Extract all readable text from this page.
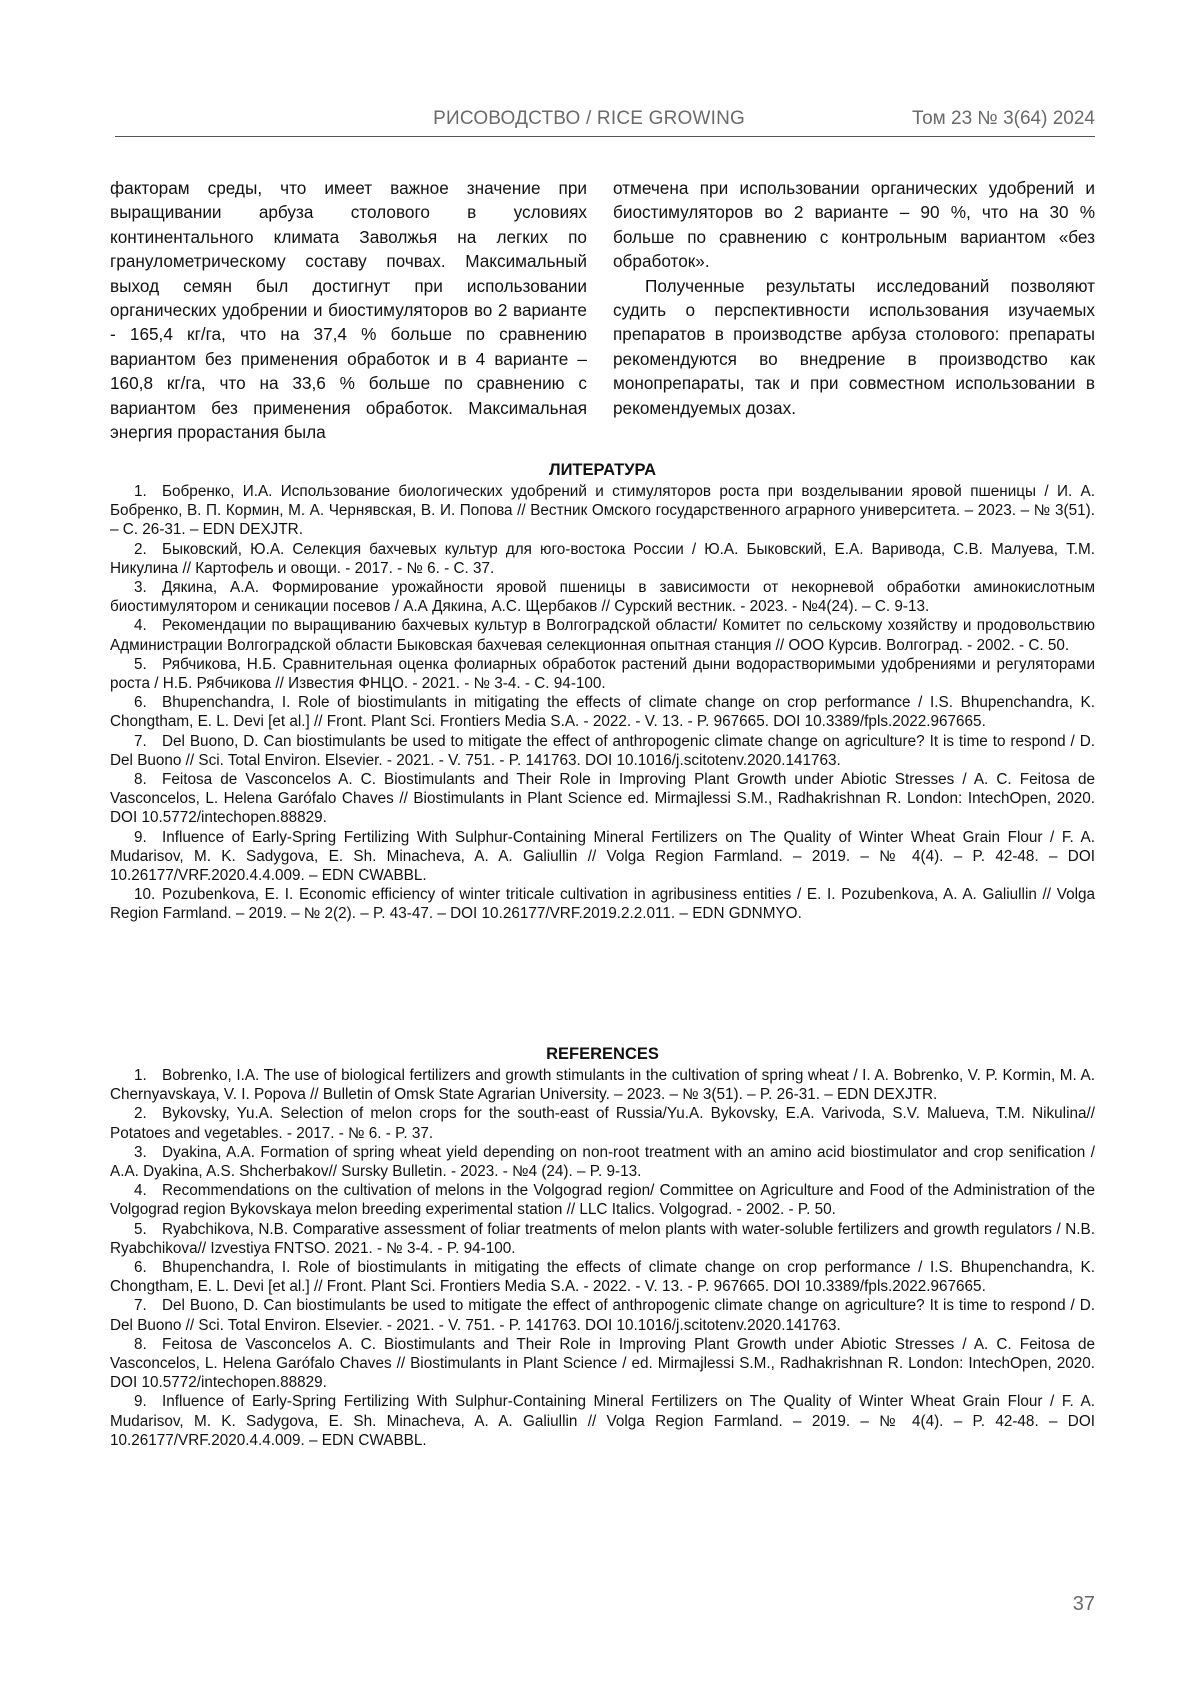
РИСОВОДСТВО / RICE GROWING	Том 23 № 3(64) 2024

факторам среды, что имеет важное значение при выращивании арбуза столового в условиях континентального климата Заволжья на легких по гранулометрическому составу почвах. Максимальный выход семян был достигнут при использовании органических удобрении и биостимуляторов во 2 варианте - 165,4 кг/га, что на 37,4 % больше по сравнению вариантом без применения обработок и в 4 варианте – 160,8 кг/га, что на 33,6 % больше по сравнению с вариантом без применения обработок. Максимальная энергия прорастания была

отмечена при использовании органических удобрений и биостимуляторов во 2 варианте – 90 %, что на 30 % больше по сравнению с контрольным вариантом «без обработок».

Полученные результаты исследований позволяют судить о перспективности использования изучаемых препаратов в производстве арбуза столового: препараты рекомендуются во внедрение в производство как монопрепараты, так и при совместном использовании в рекомендуемых дозах.

ЛИТЕРАТУРА
1. Бобренко, И.А. Использование биологических удобрений и стимуляторов роста при возделывании яровой пшеницы / И. А. Бобренко, В. П. Кормин, М. А. Чернявская, В. И. Попова // Вестник Омского государственного аграрного университета. – 2023. – № 3(51). – С. 26-31. – EDN DEXJTR.
2. Быковский, Ю.А. Селекция бахчевых культур для юго-востока России / Ю.А. Быковский, Е.А. Варивода, С.В. Малуева, Т.М. Никулина // Картофель и овощи. - 2017. - № 6. - С. 37.
3. Дякина, А.А. Формирование урожайности яровой пшеницы в зависимости от некорневой обработки аминокислотным биостимулятором и сеникации посевов / А.А Дякина, А.С. Щербаков // Сурский вестник. - 2023. - №4(24). – С. 9-13.
4. Рекомендации по выращиванию бахчевых культур в Волгоградской области/ Комитет по сельскому хозяйству и продовольствию Администрации Волгоградской области Быковская бахчевая селекционная опытная станция // ООО Курсив. Волгоград. - 2002. - С. 50.
5. Рябчикова, Н.Б. Сравнительная оценка фолиарных обработок растений дыни водорастворимыми удобрениями и регуляторами роста / Н.Б. Рябчикова // Известия ФНЦО. - 2021. - № 3-4. - С. 94-100.
6. Bhupenchandra, I. Role of biostimulants in mitigating the effects of climate change on crop performance / I.S. Bhupenchandra, K. Chongtham, E. L. Devi [et al.] // Front. Plant Sci. Frontiers Media S.A. - 2022. - V. 13. - P. 967665. DOI 10.3389/fpls.2022.967665.
7. Del Buono, D. Can biostimulants be used to mitigate the effect of anthropogenic climate change on agriculture? It is time to respond / D. Del Buono // Sci. Total Environ. Elsevier. - 2021. - V. 751. - P. 141763. DOI 10.1016/j.scitotenv.2020.141763.
8. Feitosa de Vasconcelos A. C. Biostimulants and Their Role in Improving Plant Growth under Abiotic Stresses / A. C. Feitosa de Vasconcelos, L. Helena Garófalo Chaves // Biostimulants in Plant Science ed. Mirmajlessi S.M., Radhakrishnan R. London: IntechOpen, 2020. DOI 10.5772/intechopen.88829.
9. Influence of Early-Spring Fertilizing With Sulphur-Containing Mineral Fertilizers on The Quality of Winter Wheat Grain Flour / F. A. Mudarisov, M. K. Sadygova, E. Sh. Minacheva, A. A. Galiullin // Volga Region Farmland. – 2019. – № 4(4). – P. 42-48. – DOI 10.26177/VRF.2020.4.4.009. – EDN CWABBL.
10. Pozubenkova, E. I. Economic efficiency of winter triticale cultivation in agribusiness entities / E. I. Pozubenkova, A. A. Galiullin // Volga Region Farmland. – 2019. – № 2(2). – P. 43-47. – DOI 10.26177/VRF.2019.2.2.011. – EDN GDNMYO.
REFERENCES
1. Bobrenko, I.A. The use of biological fertilizers and growth stimulants in the cultivation of spring wheat / I. A. Bobrenko, V. P. Kormin, M. A. Chernyavskaya, V. I. Popova // Bulletin of Omsk State Agrarian University. – 2023. – № 3(51). – P. 26-31. – EDN DEXJTR.
2. Bykovsky, Yu.A. Selection of melon crops for the south-east of Russia/Yu.A. Bykovsky, E.A. Varivoda, S.V. Malueva, T.M. Nikulina// Potatoes and vegetables. - 2017. - № 6. - P. 37.
3. Dyakina, A.A. Formation of spring wheat yield depending on non-root treatment with an amino acid biostimulator and crop senification / A.A. Dyakina, A.S. Shcherbakov// Sursky Bulletin. - 2023. - №4 (24). – P. 9-13.
4. Recommendations on the cultivation of melons in the Volgograd region/ Committee on Agriculture and Food of the Administration of the Volgograd region Bykovskaya melon breeding experimental station // LLC Italics. Volgograd. - 2002. - P. 50.
5. Ryabchikova, N.B. Comparative assessment of foliar treatments of melon plants with water-soluble fertilizers and growth regulators / N.B. Ryabchikova// Izvestiya FNTSO. 2021. - № 3-4. - P. 94-100.
6. Bhupenchandra, I. Role of biostimulants in mitigating the effects of climate change on crop performance / I.S. Bhupenchandra, K. Chongtham, E. L. Devi [et al.] // Front. Plant Sci. Frontiers Media S.A. - 2022. - V. 13. - P. 967665. DOI 10.3389/fpls.2022.967665.
7. Del Buono, D. Can biostimulants be used to mitigate the effect of anthropogenic climate change on agriculture? It is time to respond / D. Del Buono // Sci. Total Environ. Elsevier. - 2021. - V. 751. - P. 141763. DOI 10.1016/j.scitotenv.2020.141763.
8. Feitosa de Vasconcelos A. C. Biostimulants and Their Role in Improving Plant Growth under Abiotic Stresses / A. C. Feitosa de Vasconcelos, L. Helena Garófalo Chaves // Biostimulants in Plant Science / ed. Mirmajlessi S.M., Radhakrishnan R. London: IntechOpen, 2020. DOI 10.5772/intechopen.88829.
9. Influence of Early-Spring Fertilizing With Sulphur-Containing Mineral Fertilizers on The Quality of Winter Wheat Grain Flour / F. A. Mudarisov, M. K. Sadygova, E. Sh. Minacheva, A. A. Galiullin // Volga Region Farmland. – 2019. – № 4(4). – P. 42-48. – DOI 10.26177/VRF.2020.4.4.009. – EDN CWABBL.
37
